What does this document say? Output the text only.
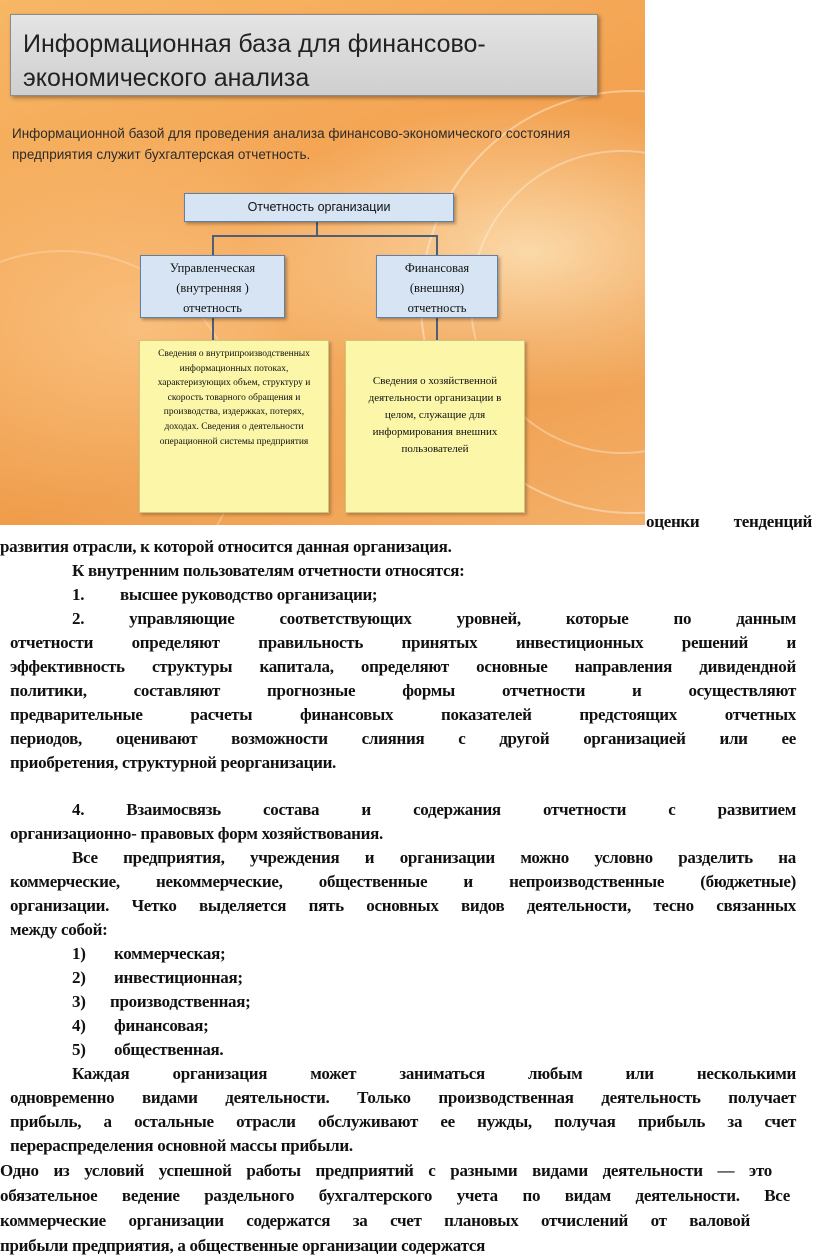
Информационная база для финансово-экономического анализа
Информационной базой для проведения анализа финансово-экономического состояния предприятия служит бухгалтерская отчетность.
Отчетность организации
Управленческая
(внутренняя )
отчетность
Финансовая
(внешняя)
отчетность
Сведения о внутрипроизводственных информационных потоках, характеризующих объем, структуру и скорость товарного обращения и производства, издержках, потерях, доходах. Сведения о деятельности операционной системы предприятия
Сведения о хозяйственной деятельности организации в целом, служащие для информирования внешних пользователей
оценки тенденций
развития отрасли, к которой относится данная организация.
К внутренним пользователям отчетности относятся:
1. высшее руководство организации;
2. управляющие соответствующих уровней, которые по данным
отчетности определяют правильность принятых инвестиционных решений и
эффективность структуры капитала, определяют основные направления дивидендной
политики, составляют прогнозные формы отчетности и осуществляют
предварительные расчеты финансовых показателей предстоящих отчетных
периодов, оценивают возможности слияния с другой организацией или ее
приобретения, структурной реорганизации.
4. Взаимосвязь состава и содержания отчетности с развитием
организационно- правовых форм хозяйствования.
Все предприятия, учреждения и организации можно условно разделить на
коммерческие, некоммерческие, общественные и непроизводственные (бюджетные)
организации. Четко выделяется пять основных видов деятельности, тесно связанных
между собой:
1) коммерческая;
2) инвестиционная;
3) производственная;
4) финансовая;
5) общественная.
Каждая организация может заниматься любым или несколькими
одновременно видами деятельности. Только производственная деятельность получает
прибыль, а остальные отрасли обслуживают ее нужды, получая прибыль за счет
перераспределения основной массы прибыли.
Одно из условий успешной работы предприятий с разными видами деятельности — это
обязательное ведение раздельного бухгалтерского учета по видам деятельности. Все
коммерческие организации содержатся за счет плановых отчислений от валовой
прибыли предприятия, а общественные организации содержатся
